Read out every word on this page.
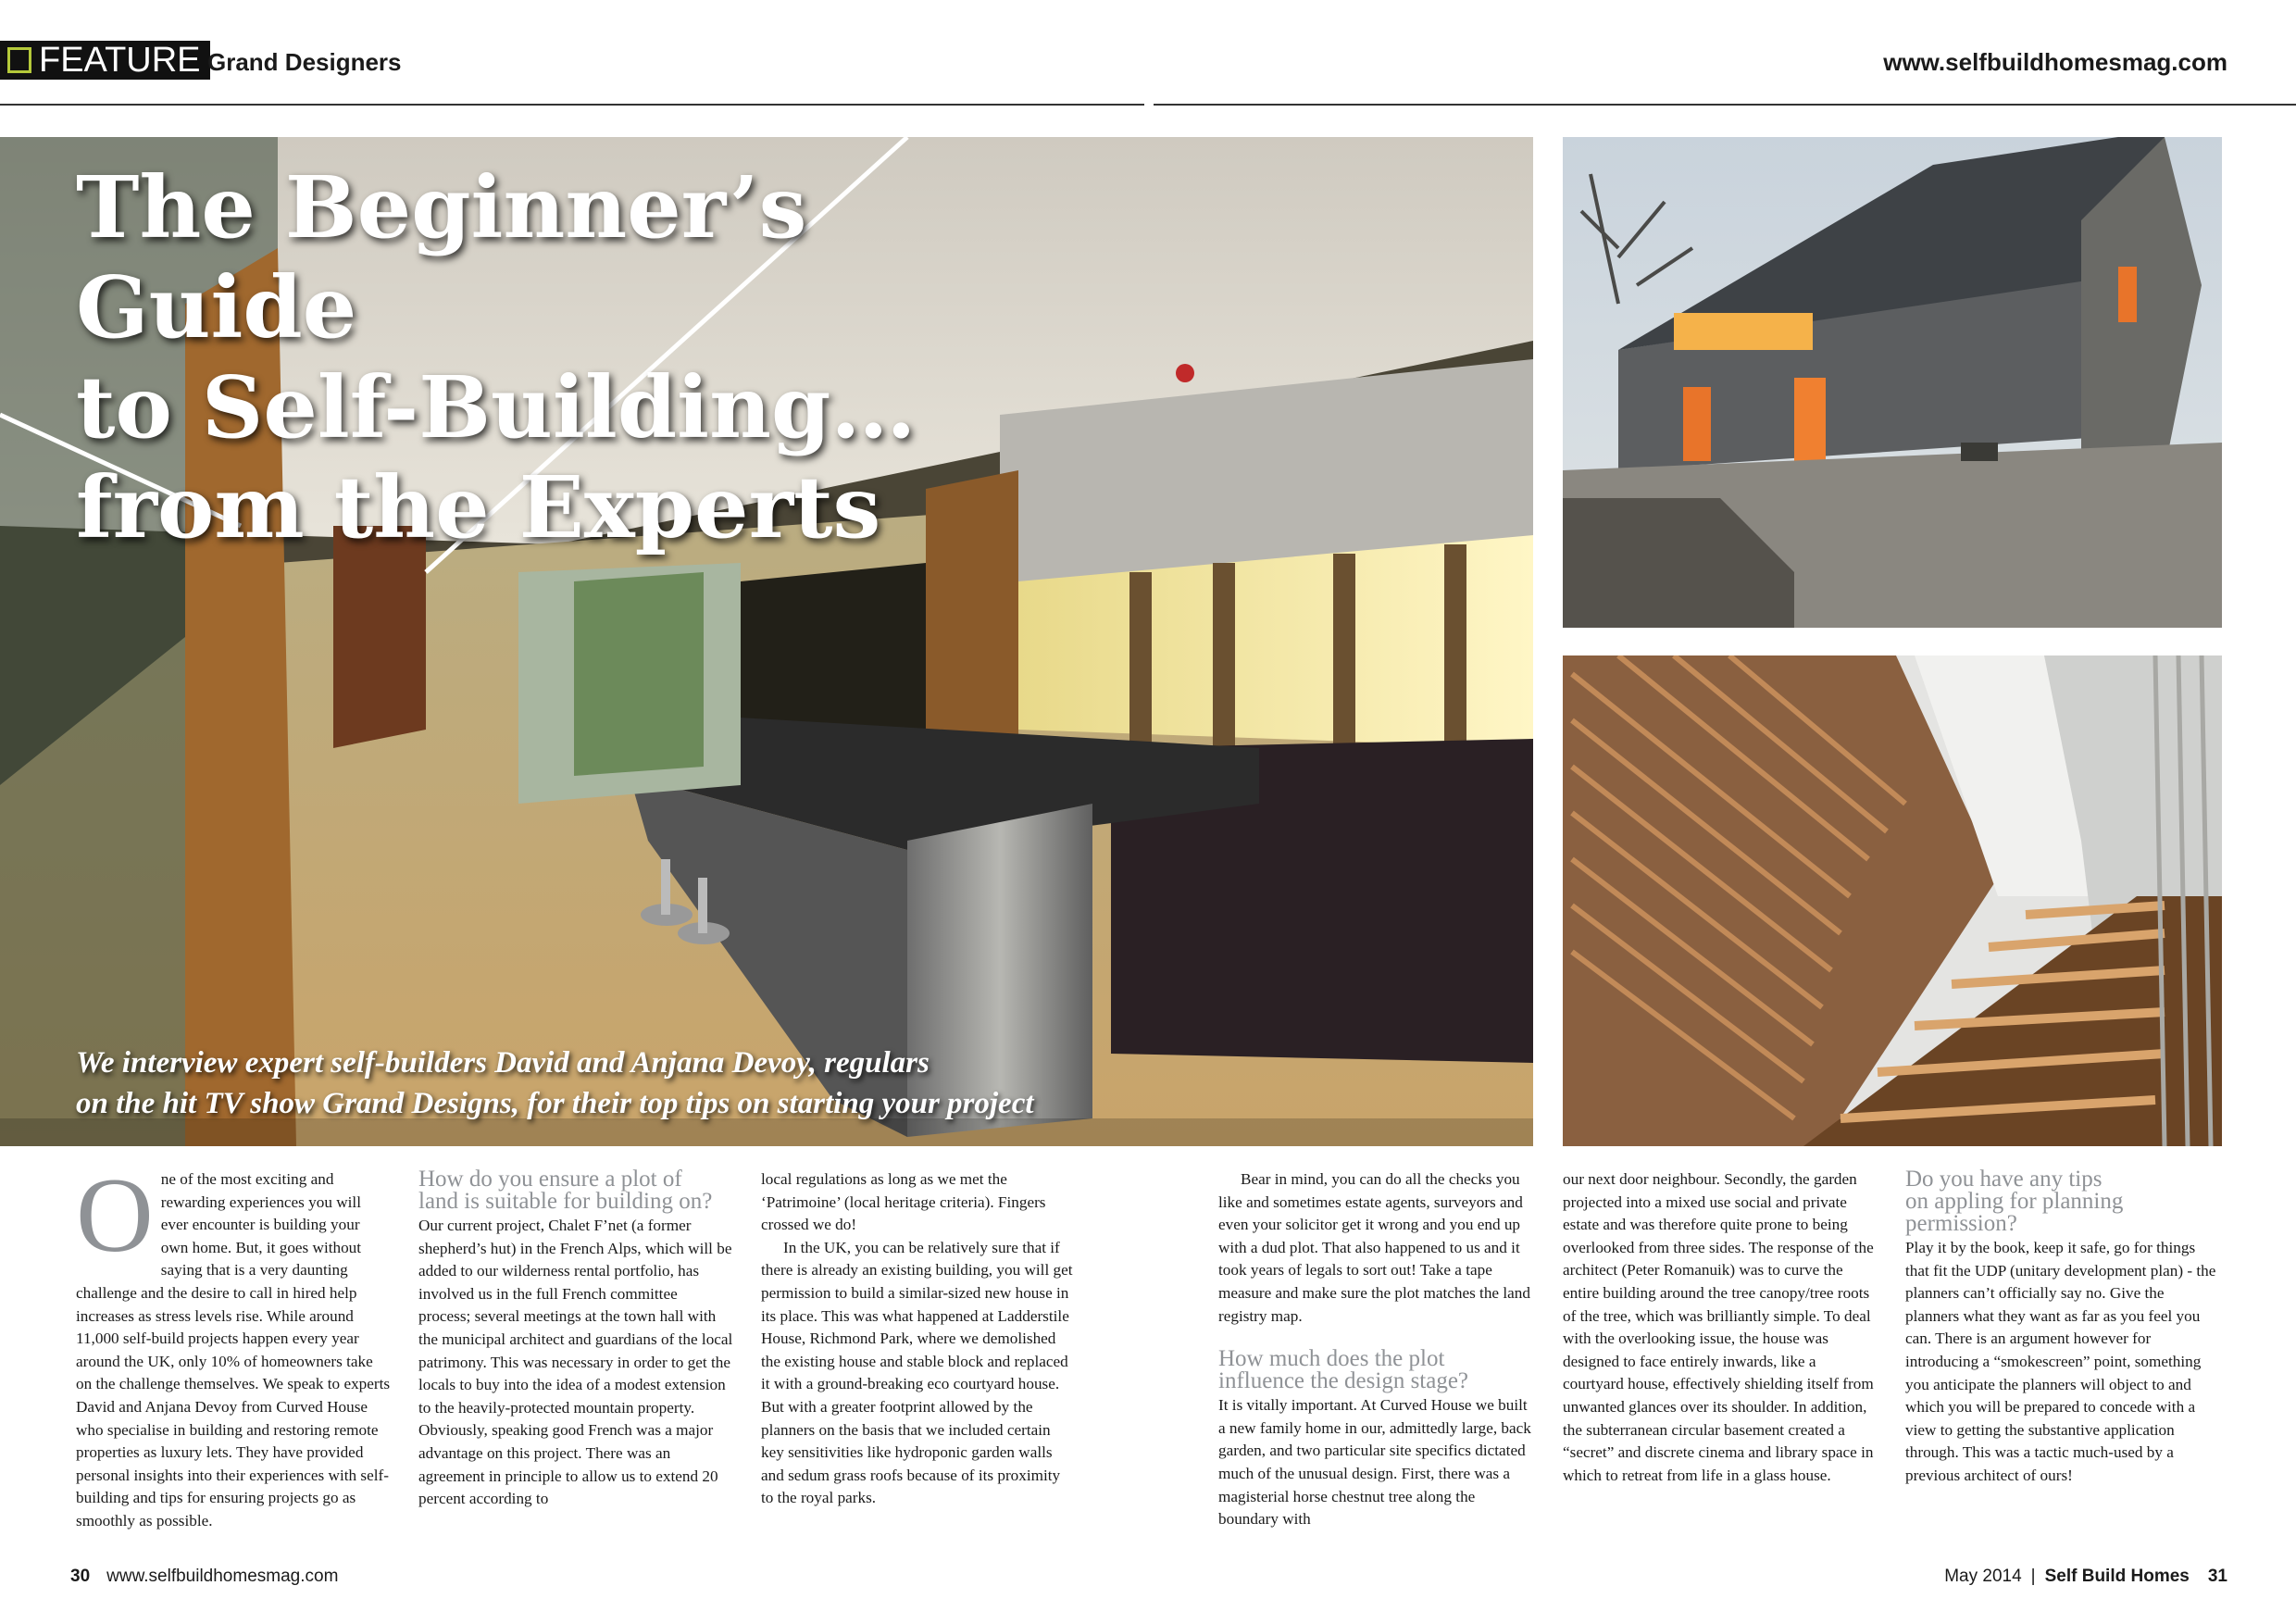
FEATURE Grand Designers	www.selfbuildhomesmag.com
The Beginner’s Guide
to Self-Building…
from the Experts
We interview expert self-builders David and Anjana Devoy, regulars
on the hit TV show Grand Designs, for their top tips on starting your project
O ne of the most exciting and rewarding experiences you will ever encounter is building your own home. But, it goes without saying that is a very daunting challenge and the desire to call in hired help increases as stress levels rise. While around 11,000 self-build projects happen every year around the UK, only 10% of homeowners take on the challenge themselves. We speak to experts David and Anjana Devoy from Curved House who specialise in building and restoring remote properties as luxury lets. They have provided personal insights into their experiences with self-building and tips for ensuring projects go as smoothly as possible.

How do you ensure a plot of
land is suitable for building on?

Our current project, Chalet F’net (a former shepherd’s hut) in the French Alps, which will be added to our wilderness rental portfolio, has involved us in the full French committee process; several meetings at the town hall with the municipal architect and guardians of the local patrimony. This was necessary in order to get the locals to buy into the idea of a modest extension to the heavily-protected mountain property. Obviously, speaking good French was a major advantage on this project. There was an agreement in principle to allow us to extend 20 percent according to

local regulations as long as we met the ‘Patrimoine’ (local heritage criteria). Fingers crossed we do!

In the UK, you can be relatively sure that if there is already an existing building, you will get permission to build a similar-sized new house in its place. This was what happened at Ladderstile House, Richmond Park, where we demolished the existing house and stable block and replaced it with a ground-breaking eco courtyard house. But with a greater footprint allowed by the planners on the basis that we included certain key sensitivities like hydroponic garden walls and sedum grass roofs because of its proximity to the royal parks.

Bear in mind, you can do all the checks you like and sometimes estate agents, surveyors and even your solicitor get it wrong and you end up with a dud plot. That also happened to us and it took years of legals to sort out! Take a tape measure and make sure the plot matches the land registry map.

How much does the plot
influence the design stage?

It is vitally important. At Curved House we built a new family home in our, admittedly large, back garden, and two particular site specifics dictated much of the unusual design. First, there was a magisterial horse chestnut tree along the boundary with

our next door neighbour. Secondly, the garden projected into a mixed use social and private estate and was therefore quite prone to being overlooked from three sides. The response of the architect (Peter Romanuik) was to curve the entire building around the tree canopy/tree roots of the tree, which was brilliantly simple. To deal with the overlooking issue, the house was designed to face entirely inwards, like a courtyard house, effectively shielding itself from unwanted glances over its shoulder. In addition, the subterranean circular basement created a “secret” and discrete cinema and library space in which to retreat from life in a glass house.

Do you have any tips
on appling for planning
permission?

Play it by the book, keep it safe, go for things that fit the UDP (unitary development plan) - the planners can’t officially say no. Give the planners what they want as far as you feel you can. There is an argument however for introducing a “smokescreen” point, something you anticipate the planners will object to and which you will be prepared to concede with a view to getting the substantive application through. This was a tactic much-used by a previous architect of ours!

30 www.selfbuildhomesmag.com	May 2014 | Self Build Homes 31
